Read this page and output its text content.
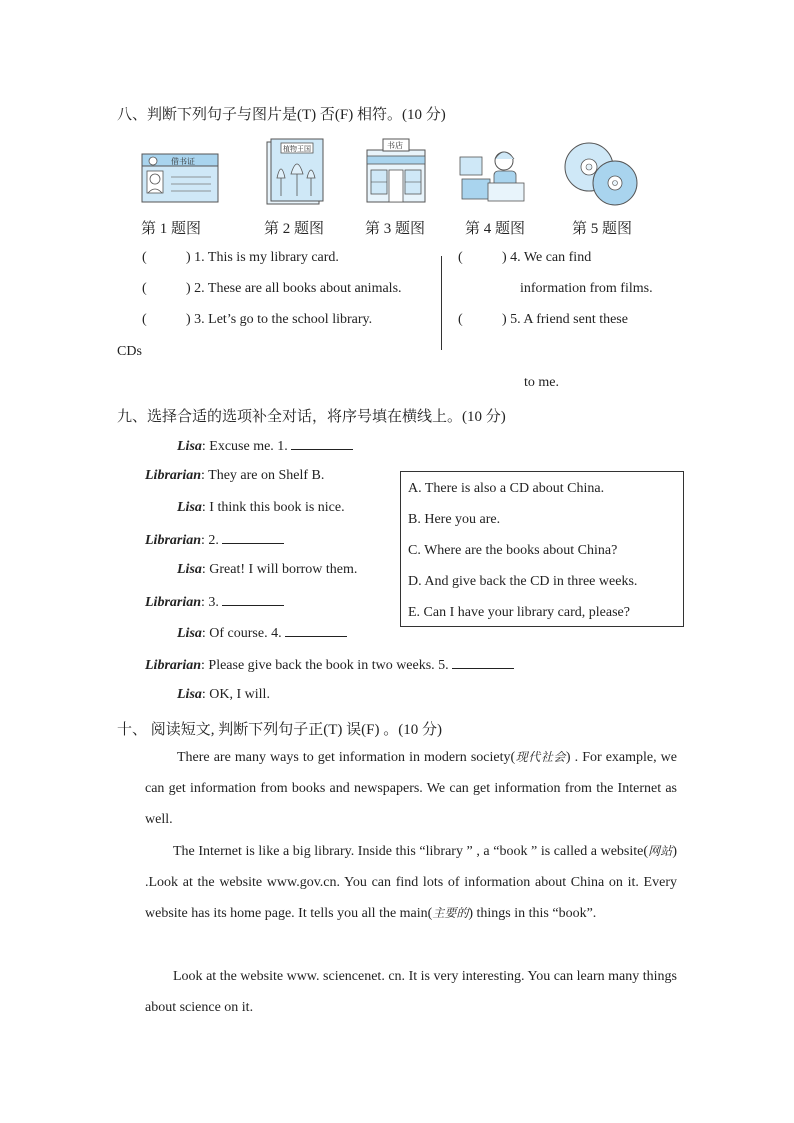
八、判断下列句子与图片是(T) 否(F) 相符。(10 分)
借书证
植物王国	书店
第 1 题图	第 2 题图	第 3 题图	第 4 题图	第 5 题图
(	) 1. This is my library card.
(	) 2. These are all books about animals.
(	) 3. Let’s go to the school library.
CDs
(	) 4. We can find
information from films.
(	) 5. A friend sent these
to me.
九、选择合适的选项补全对话，将序号填在横线上。(10 分)
Lisa: Excuse me. 1.
Librarian: They are on Shelf B.
Lisa: I think this book is nice.
Librarian: 2.
Lisa: Great! I will borrow them.
Librarian: 3.
Lisa: Of course. 4.
Librarian: Please give back the book in two weeks. 5.
Lisa: OK, I will.
A. There is also a CD about China.
B. Here you are.
C. Where are the books about China?
D. And give back the CD in three weeks.
E. Can I have your library card, please?
十、 阅读短文, 判断下列句子正(T) 误(F) 。(10 分)
There are many ways to get information in modern society(现代社会) . For example, we can get information from books and newspapers. We can get information from the Internet as well.
The Internet is like a big library. Inside this “library ” , a “book ” is called a website(网站) .Look at the website www.gov.cn. You can find lots of information about China on it. Every website has its home page. It tells you all the main(主要的) things in this “book”.
Look at the website www. sciencenet. cn. It is very interesting. You can learn many things about science on it.
